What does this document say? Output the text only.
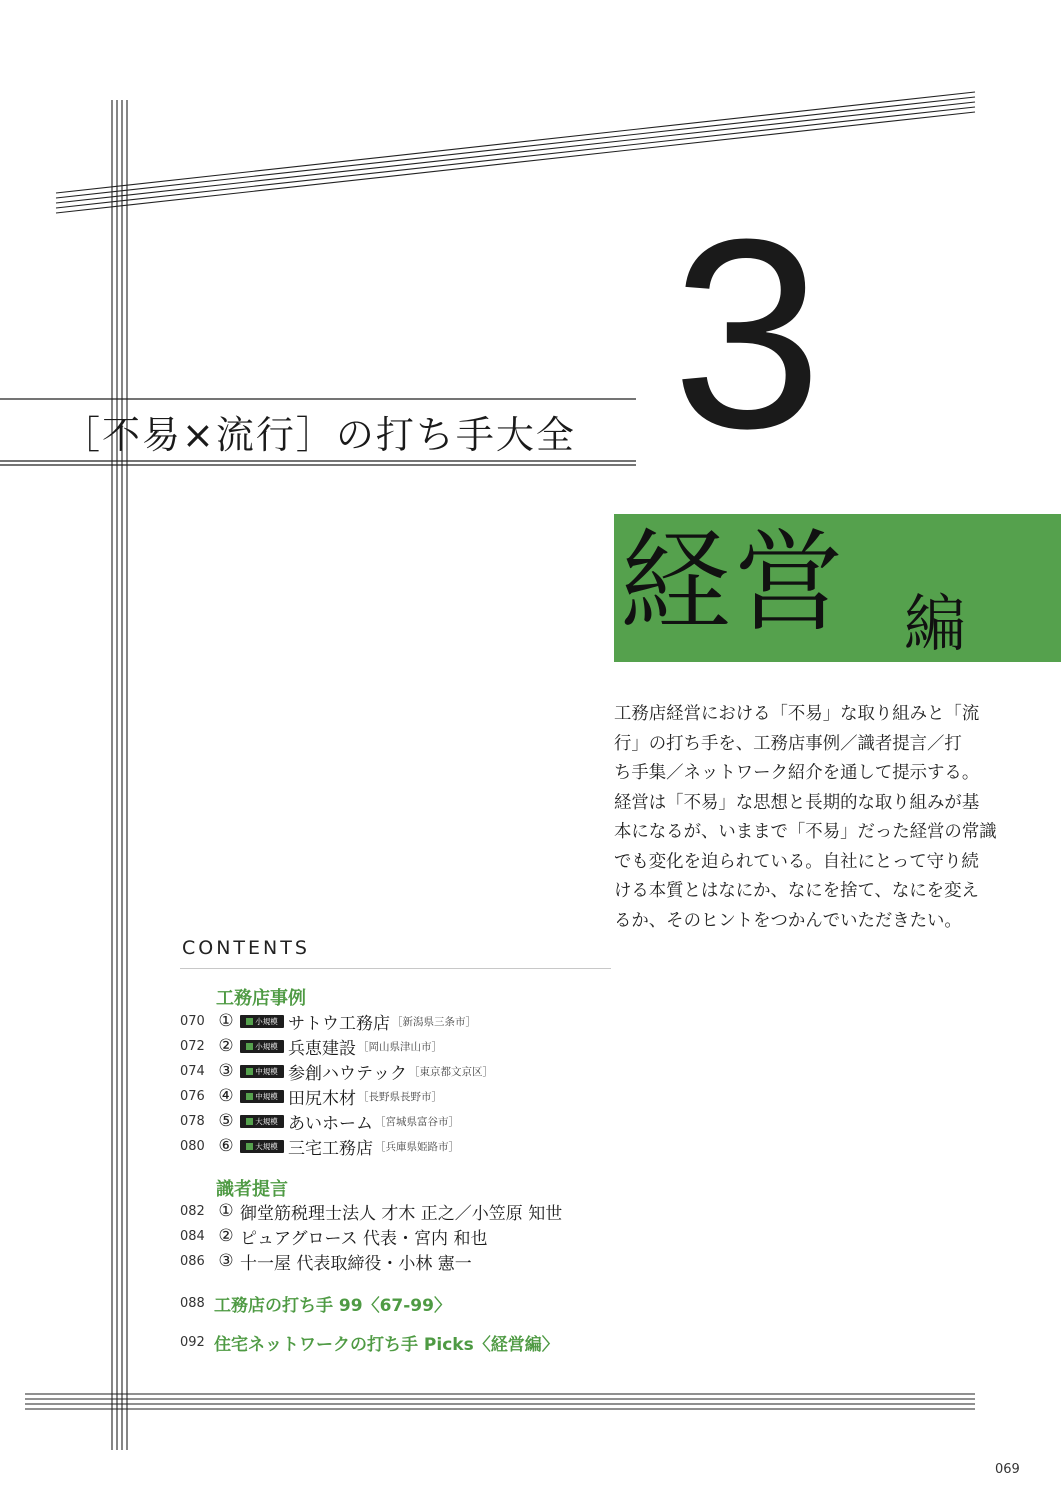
［不易×流行］の打ち手大全 3
経営 編
工務店経営における「不易」な取り組みと「流
行」の打ち手を、工務店事例／識者提言／打
ち手集／ネットワーク紹介を通して提示する。
経営は「不易」な思想と長期的な取り組みが基
本になるが、いままで「不易」だった経営の常識
でも変化を迫られている。自社にとって守り続
ける本質とはなにか、なにを捨て、なにを変え
るか、そのヒントをつかんでいただきたい。
CONTENTS
工務店事例
070 ①	小規模 サトウ工務店 ［新潟県三条市］
072 ②	小規模 兵恵建設 ［岡山県津山市］
074 ③	中規模 参創ハウテック ［東京都文京区］
076 ④	中規模 田尻木材 ［長野県長野市］
078 ⑤	大規模 あいホーム ［宮城県富谷市］
080 ⑥	大規模 三宅工務店 ［兵庫県姫路市］
識者提言
082 ① 御堂筋税理士法人 才木 正之／小笠原 知世
084 ② ピュアグロース 代表・宮内 和也
086 ③ 十一屋 代表取締役・小林 憲一
088 工務店の打ち手 99〈67-99〉
092 住宅ネットワークの打ち手 Picks〈経営編〉
069
